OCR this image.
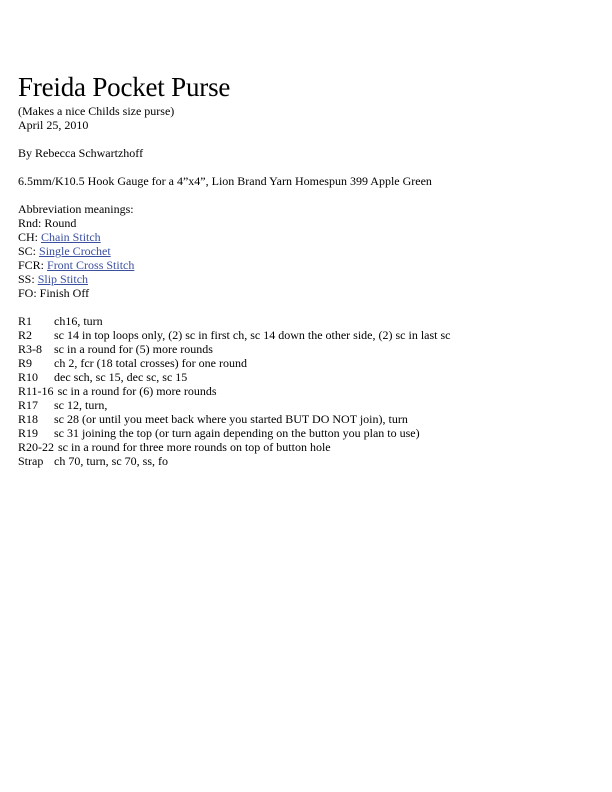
Freida Pocket Purse
(Makes a nice Childs size purse)
April 25, 2010
By Rebecca Schwartzhoff
6.5mm/K10.5 Hook Gauge for a 4”x4”, Lion Brand Yarn Homespun 399 Apple Green
Abbreviation meanings:
Rnd: Round
CH: Chain Stitch
SC: Single Crochet
FCR: Front Cross Stitch
SS: Slip Stitch
FO: Finish Off
R1	ch16, turn
R2	sc 14 in top loops only, (2) sc in first ch, sc 14 down the other side, (2) sc in last sc
R3-8	sc in a round for (5) more rounds
R9	ch 2, fcr (18 total crosses) for one round
R10	dec sch, sc 15, dec sc, sc 15
R11-16 sc in a round for (6) more rounds
R17	sc 12, turn,
R18	sc 28 (or until you meet back where you started BUT DO NOT join), turn
R19	sc 31 joining the top (or turn again depending on the button you plan to use)
R20-22 sc in a round for three more rounds on top of button hole
Strap ch 70, turn, sc 70, ss, fo
